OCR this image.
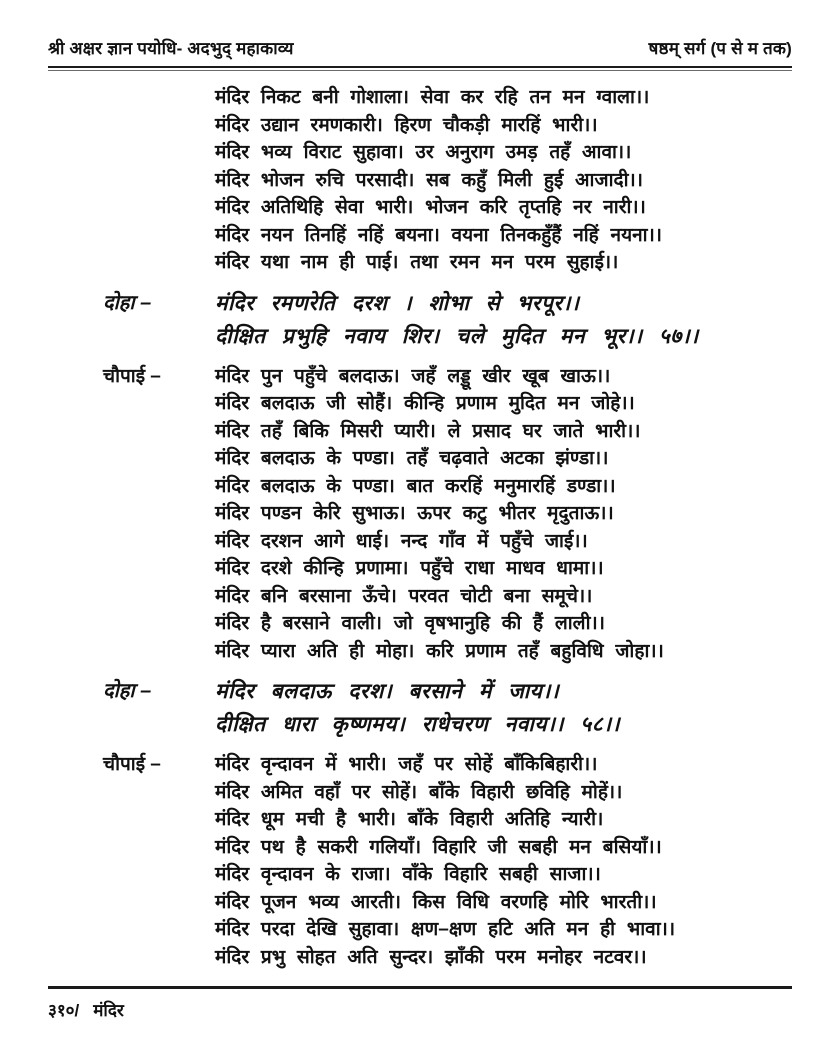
श्री अक्षर ज्ञान पयोधि- अदभुद् महाकाव्य	षष्ठम् सर्ग (प से म तक)

मंदिर निकट बनी गोशाला। सेवा कर रहि तन मन ग्वाला।।

मंदिर उद्यान रमणकारी। हिरण चौकड़ी मारहिं भारी।।

मंदिर भव्य विराट सुहावा। उर अनुराग उमड़ तहँ आवा।।

मंदिर भोजन रुचि परसादी। सब कहुँ मिली हुई आजादी।।

मंदिर अतिथिहि सेवा भारी। भोजन करि तृप्तहि नर नारी।।

मंदिर नयन तिनहिं नहिं बयना। वयना तिनकहुँहैं नहिं नयना।।

मंदिर यथा नाम ही पाई। तथा रमन मन परम सुहाई।।

दोहा –	मंदिर रमणरेति दरश । शोभा से भरपूर।।

दीक्षित प्रभुहि नवाय शिर। चले मुदित मन भूर।। ५७।।

चौपाई –	मंदिर पुन पहुँचे बलदाऊ। जहँ लड्डू खीर खूब खाऊ।।

मंदिर बलदाऊ जी सोहैं। कीन्हि प्रणाम मुदित मन जोहे।।

मंदिर तहँ बिकि मिसरी प्यारी। ले प्रसाद घर जाते भारी।।

मंदिर बलदाऊ के पण्डा। तहँ चढ़वाते अटका झंण्डा।।

मंदिर बलदाऊ के पण्डा। बात करहिं मनुमारहिं डण्डा।।

मंदिर पण्डन केरि सुभाऊ। ऊपर कटु भीतर मृदुताऊ।।

मंदिर दरशन आगे धाई। नन्द गाँव में पहुँचे जाई।।

मंदिर दरशे कीन्हि प्रणामा। पहुँचे राधा माधव धामा।।

मंदिर बनि बरसाना ऊँचे। परवत चोटी बना समूचे।।

मंदिर है बरसाने वाली। जो वृषभानुहि की हैं लाली।।

मंदिर प्यारा अति ही मोहा। करि प्रणाम तहँ बहुविधि जोहा।।

दोहा –	मंदिर बलदाऊ दरश। बरसाने में जाय।।

दीक्षित धारा कृष्णमय। राधेचरण नवाय।। ५८।।

चौपाई –	मंदिर वृन्दावन में भारी। जहँ पर सोहें बाँकिबिहारी।।

मंदिर अमित वहाँ पर सोहें। बाँके विहारी छविहि मोहें।।

मंदिर धूम मची है भारी। बाँके विहारी अतिहि न्यारी।

मंदिर पथ है सकरी गलियाँ। विहारि जी सबही मन बसियाँ।।

मंदिर वृन्दावन के राजा। वाँके विहारि सबही साजा।।

मंदिर पूजन भव्य आरती। किस विधि वरणहि मोरि भारती।।

मंदिर परदा देखि सुहावा। क्षण–क्षण हटि अति मन ही भावा।।

मंदिर प्रभु सोहत अति सुन्दर। झाँकी परम मनोहर नटवर।।

३१०/ मंदिर
